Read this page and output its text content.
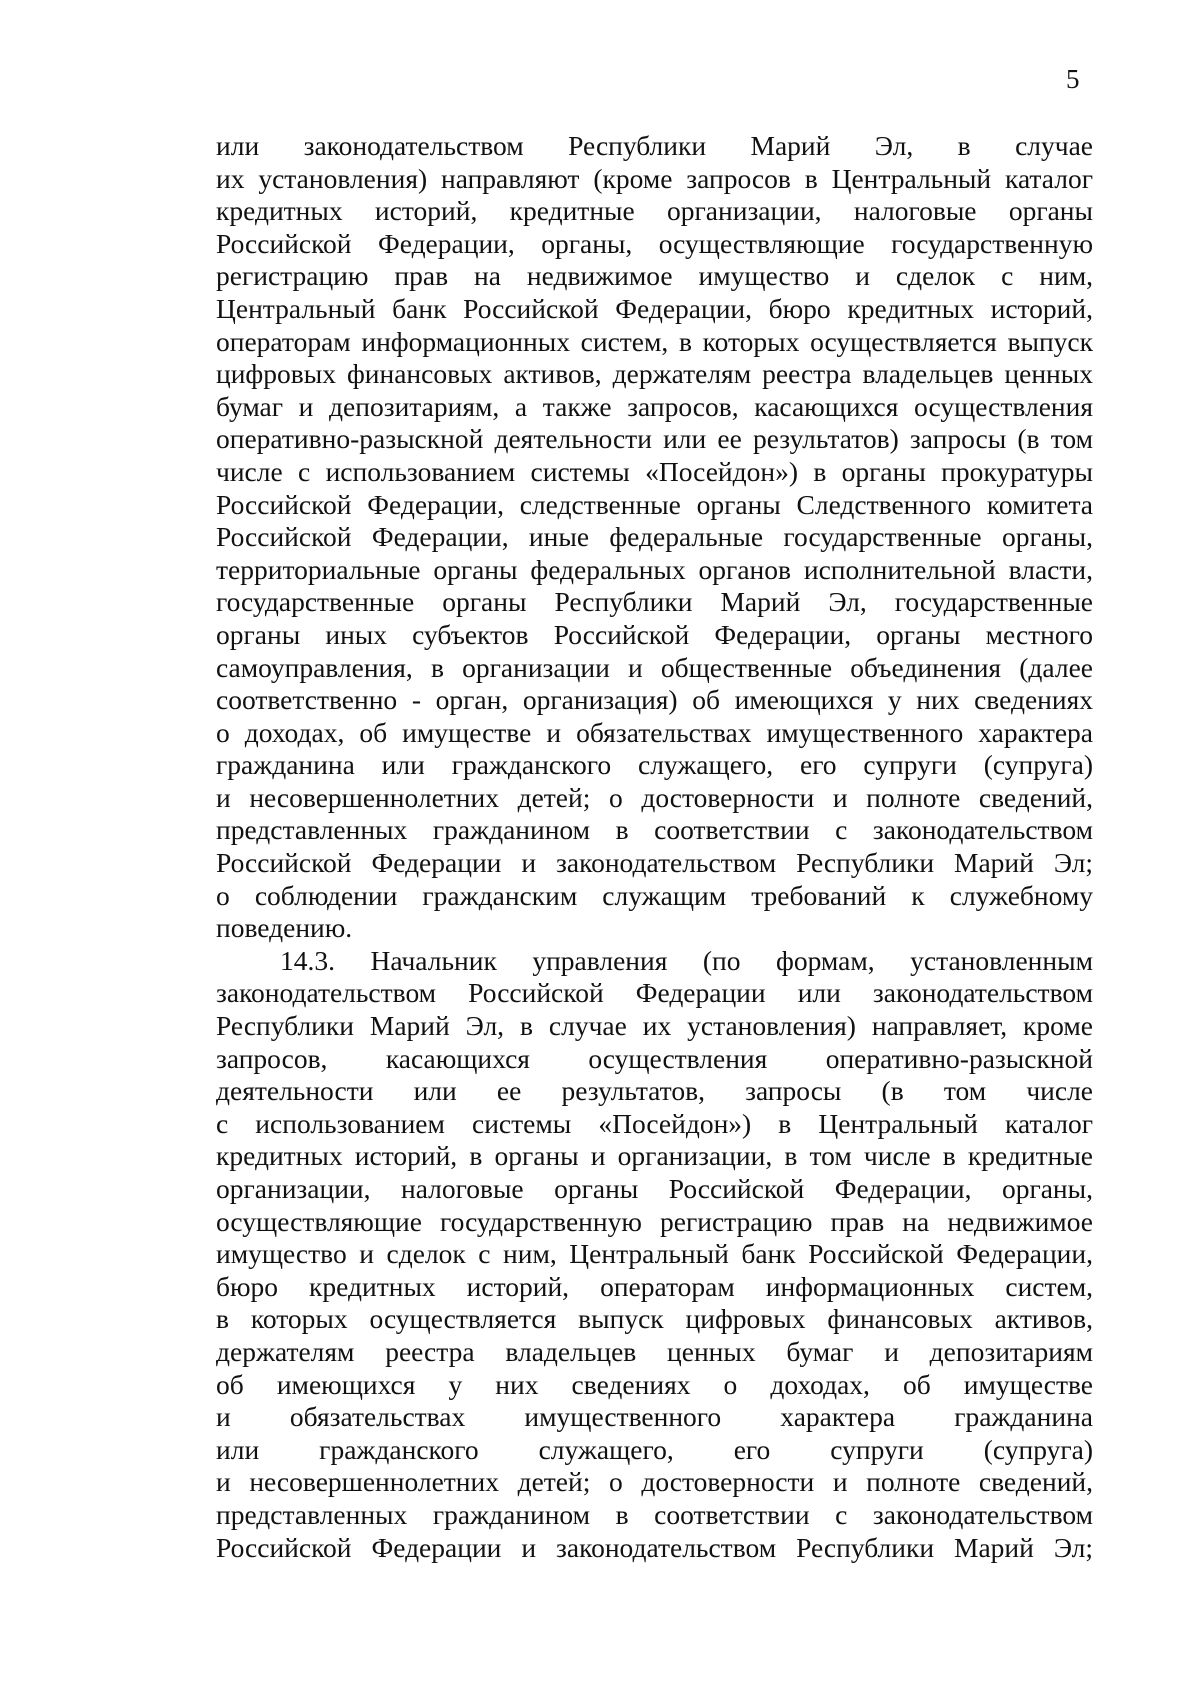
5
или законодательством Республики Марий Эл, в случае
их установления) направляют (кроме запросов в Центральный каталог
кредитных историй, кредитные организации, налоговые органы
Российской Федерации, органы, осуществляющие государственную
регистрацию прав на недвижимое имущество и сделок с ним,
Центральный банк Российской Федерации, бюро кредитных историй,
операторам информационных систем, в которых осуществляется выпуск
цифровых финансовых активов, держателям реестра владельцев ценных
бумаг и депозитариям, а также запросов, касающихся осуществления
оперативно-разыскной деятельности или ее результатов) запросы (в том
числе с использованием системы «Посейдон») в органы прокуратуры
Российской Федерации, следственные органы Следственного комитета
Российской Федерации, иные федеральные государственные органы,
территориальные органы федеральных органов исполнительной власти,
государственные органы Республики Марий Эл, государственные
органы иных субъектов Российской Федерации, органы местного
самоуправления, в организации и общественные объединения (далее
соответственно - орган, организация) об имеющихся у них сведениях
о доходах, об имуществе и обязательствах имущественного характера
гражданина или гражданского служащего, его супруги (супруга)
и несовершеннолетних детей; о достоверности и полноте сведений,
представленных гражданином в соответствии с законодательством
Российской Федерации и законодательством Республики Марий Эл;
о соблюдении гражданским служащим требований к служебному
поведению.
14.3. Начальник управления (по формам, установленным
законодательством Российской Федерации или законодательством
Республики Марий Эл, в случае их установления) направляет, кроме
запросов, касающихся осуществления оперативно-разыскной
деятельности или ее результатов, запросы (в том числе
с использованием системы «Посейдон») в Центральный каталог
кредитных историй, в органы и организации, в том числе в кредитные
организации, налоговые органы Российской Федерации, органы,
осуществляющие государственную регистрацию прав на недвижимое
имущество и сделок с ним, Центральный банк Российской Федерации,
бюро кредитных историй, операторам информационных систем,
в которых осуществляется выпуск цифровых финансовых активов,
держателям реестра владельцев ценных бумаг и депозитариям
об имеющихся у них сведениях о доходах, об имуществе
и обязательствах имущественного характера гражданина
или гражданского служащего, его супруги (супруга)
и несовершеннолетних детей; о достоверности и полноте сведений,
представленных гражданином в соответствии с законодательством
Российской Федерации и законодательством Республики Марий Эл;
